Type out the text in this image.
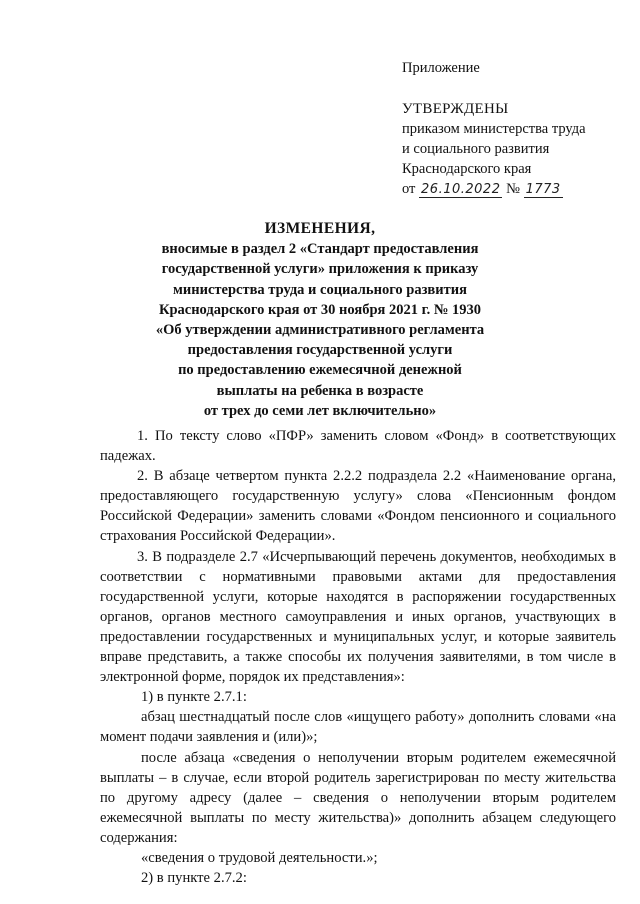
Приложение
УТВЕРЖДЕНЫ
приказом министерства труда
и социального развития
Краснодарского края
от 26.10.2022 № 1773
ИЗМЕНЕНИЯ,
вносимые в раздел 2 «Стандарт предоставления
государственной услуги» приложения к приказу
министерства труда и социального развития
Краснодарского края от 30 ноября 2021 г. № 1930
«Об утверждении административного регламента
предоставления государственной услуги
по предоставлению ежемесячной денежной
выплаты на ребенка в возрасте
от трех до семи лет включительно»

1. По тексту слово «ПФР» заменить словом «Фонд» в соответствующих падежах.

2. В абзаце четвертом пункта 2.2.2 подраздела 2.2 «Наименование органа, предоставляющего государственную услугу» слова «Пенсионным фондом Российской Федерации» заменить словами «Фондом пенсионного и социального страхования Российской Федерации».

3. В подразделе 2.7 «Исчерпывающий перечень документов, необходимых в соответствии с нормативными правовыми актами для предоставления государственной услуги, которые находятся в распоряжении государственных органов, органов местного самоуправления и иных органов, участвующих в предоставлении государственных и муниципальных услуг, и которые заявитель вправе представить, а также способы их получения заявителями, в том числе в электронной форме, порядок их представления»:

1) в пункте 2.7.1:

абзац шестнадцатый после слов «ищущего работу» дополнить словами «на момент подачи заявления и (или)»;

после абзаца «сведения о неполучении вторым родителем ежемесячной выплаты – в случае, если второй родитель зарегистрирован по месту жительства по другому адресу (далее – сведения о неполучении вторым родителем ежемесячной выплаты по месту жительства)» дополнить абзацем следующего содержания:

«сведения о трудовой деятельности.»;

2) в пункте 2.7.2:
